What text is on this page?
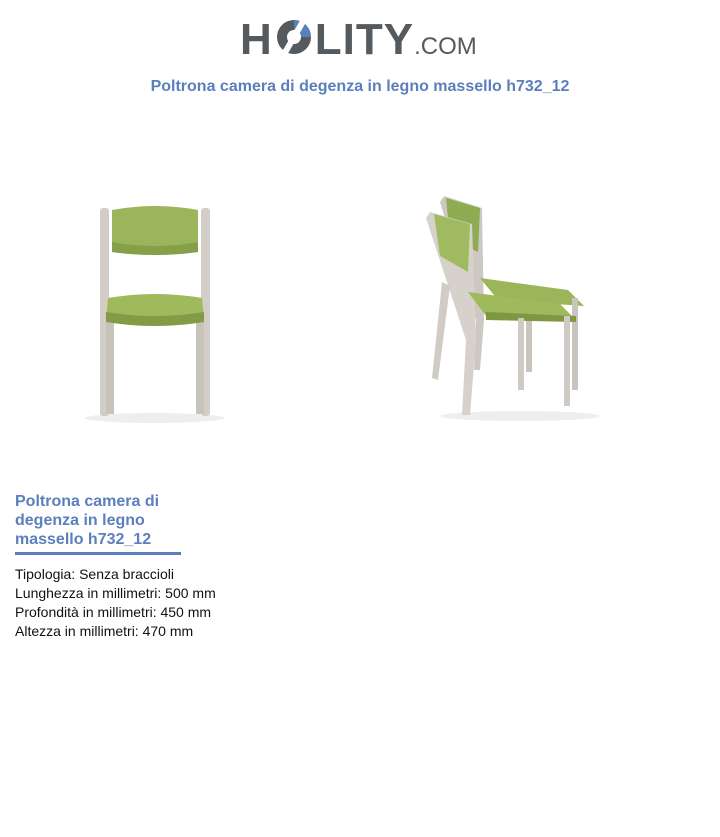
H LITY.COM
Poltrona camera di degenza in legno massello h732_12
Poltrona camera di degenza in legno massello h732_12
Tipologia: Senza braccioli
Lunghezza in millimetri: 500 mm
Profondità in millimetri: 450 mm
Altezza in millimetri: 470 mm
